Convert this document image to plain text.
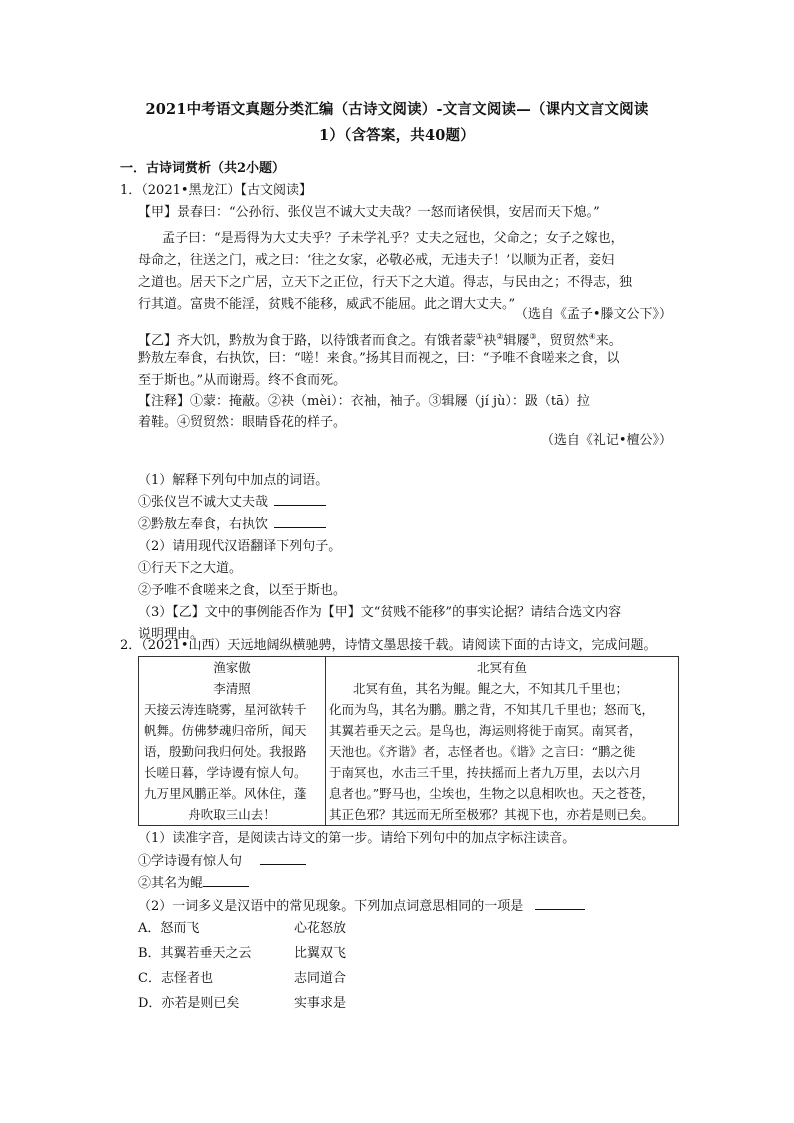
2021中考语文真题分类汇编（古诗文阅读）-文言文阅读—（课内文言文阅读
1）（含答案，共40题）
一．古诗词赏析（共2小题）
1．（2021•黑龙江）【古文阅读】
【甲】景春曰：“公孙衍、张仪岂不诚大丈夫哉？一怒而诸侯惧，安居而天下熄。”
孟子曰：“是焉得为大丈夫乎？子未学礼乎？丈夫之冠也，父命之；女子之嫁也，
母命之，往送之门，戒之曰：‘往之女家，必敬必戒，无违夫子！’以顺为正者，妾妇
之道也。居天下之广居，立天下之正位，行天下之大道。得志，与民由之；不得志，独
行其道。富贵不能淫，贫贱不能移，威武不能屈。此之谓大丈夫。”
（选自《孟子•滕文公下》）
【乙】齐大饥，黔敖为食于路，以待饿者而食之。有饿者蒙①袂②辑屦③，贸贸然④来。
黔敖左奉食，右执饮，曰：“嗟！来食。”扬其目而视之，曰：“予唯不食嗟来之食，以
至于斯也。”从而谢焉。终不食而死。
【注释】①蒙：掩蔽。②袂（mèi）：衣袖，袖子。③辑屦（jí jù）：趿（tā）拉
着鞋。④贸贸然：眼睛昏花的样子。
（选自《礼记•檀公》）
（1）解释下列句中加点的词语。
①张仪岂不诚大丈夫哉
②黔敖左奉食，右执饮
（2）请用现代汉语翻译下列句子。
①行天下之大道。
②予唯不食嗟来之食，以至于斯也。
（3）【乙】文中的事例能否作为【甲】文“贫贱不能移”的事实论据？请结合选文内容
说明理由。
2．（2021•山西）天远地阔纵横驰骋，诗情文墨思接千载。请阅读下面的古诗文，完成问题。
渔家傲
李清照
天接云涛连晓雾，星河欲转千
帆舞。仿佛梦魂归帝所，闻天
语，殷勤问我归何处。我报路
长嗟日暮，学诗谩有惊人句。
九万里风鹏正举。风休住，蓬
舟吹取三山去！
北冥有鱼
北冥有鱼，其名为鲲。鲲之大，不知其几千里也；
化而为鸟，其名为鹏。鹏之背，不知其几千里也；怒而飞，
其翼若垂天之云。是鸟也，海运则将徙于南冥。南冥者，
天池也。《齐谐》者，志怪者也。《谐》之言曰：“鹏之徙
于南冥也，水击三千里，抟扶摇而上者九万里，去以六月
息者也。”野马也，尘埃也，生物之以息相吹也。天之苍苍，
其正色邪？其远而无所至极邪？其视下也，亦若是则已矣。
（1）读准字音，是阅读古诗文的第一步。请给下列句中的加点字标注读音。
①学诗谩有惊人句
②其名为鲲
（2）一词多义是汉语中的常见现象。下列加点词意思相同的一项是
A．怒而飞	心花怒放
B．其翼若垂天之云	比翼双飞
C．志怪者也	志同道合
D．亦若是则已矣	实事求是
